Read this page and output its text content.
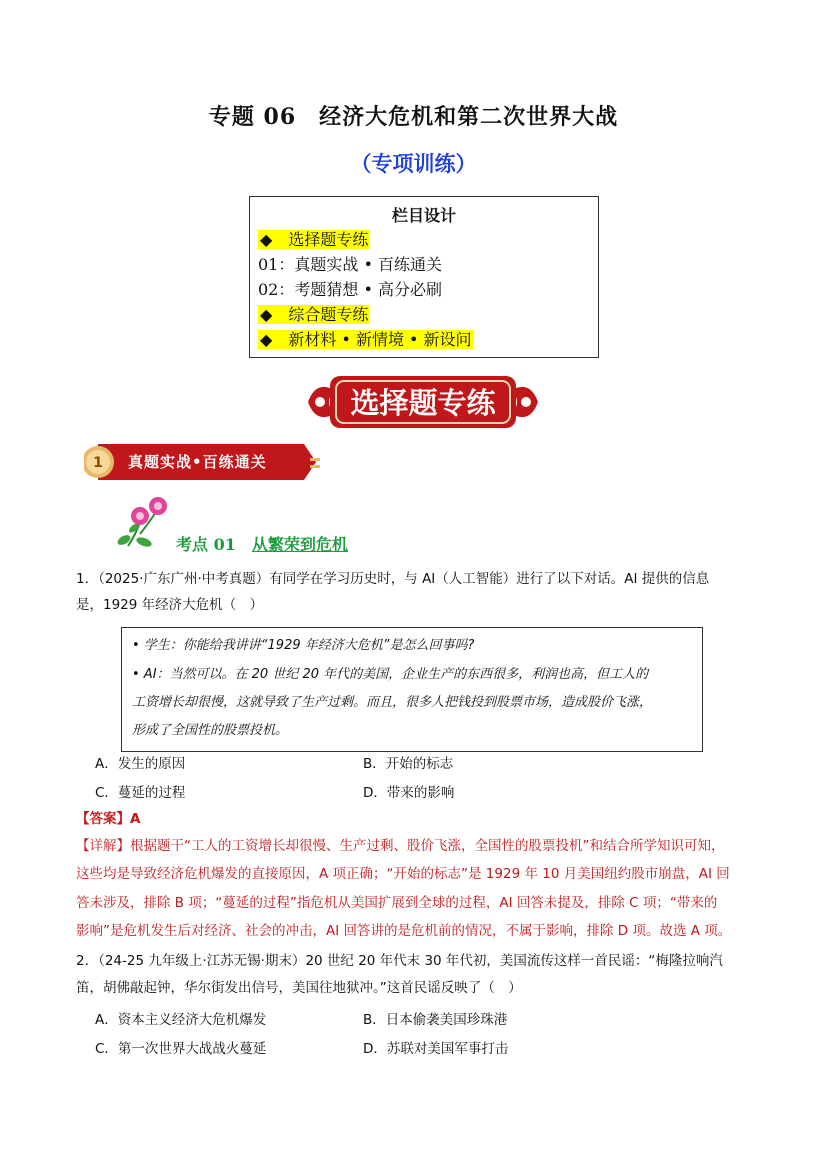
专题 06　经济大危机和第二次世界大战
（专项训练）
栏目设计
◆　 选择题专练
01：真题实战 • 百练通关
02：考题猜想 • 高分必刷
◆　 综合题专练
◆　 新材料 • 新情境 • 新设问
选择题专练
1 真题实战•百练通关
考点 01 从繁荣到危机
1．（2025·广东广州·中考真题）有同学在学习历史时，与 AI（人工智能）进行了以下对话。AI 提供的信息
是，1929 年经济大危机（　）
• 学生：你能给我讲讲“1929 年经济大危机”是怎么回事吗?
• AI：当然可以。在 20 世纪 20 年代的美国，企业生产的东西很多，利润也高，但工人的
工资增长却很慢，这就导致了生产过剩。而且，很多人把钱投到股票市场，造成股价飞涨，
形成了全国性的股票投机。
A．发生的原因	B．开始的标志
C．蔓延的过程	D．带来的影响
【答案】A
【详解】根据题干“工人的工资增长却很慢、生产过剩、股价飞涨，全国性的股票投机”和结合所学知识可知，
这些均是导致经济危机爆发的直接原因，A 项正确；“开始的标志”是 1929 年 10 月美国纽约股市崩盘，AI 回
答未涉及，排除 B 项；“蔓延的过程”指危机从美国扩展到全球的过程，AI 回答未提及，排除 C 项；“带来的
影响”是危机发生后对经济、社会的冲击，AI 回答讲的是危机前的情况，不属于影响，排除 D 项。故选 A 项。
2．（24-25 九年级上·江苏无锡·期末）20 世纪 20 年代末 30 年代初，美国流传这样一首民谣：“梅隆拉响汽
笛，胡佛敲起钟，华尔街发出信号，美国往地狱冲。”这首民谣反映了（　）
A．资本主义经济大危机爆发	B．日本偷袭美国珍珠港
C．第一次世界大战战火蔓延	D．苏联对美国军事打击
